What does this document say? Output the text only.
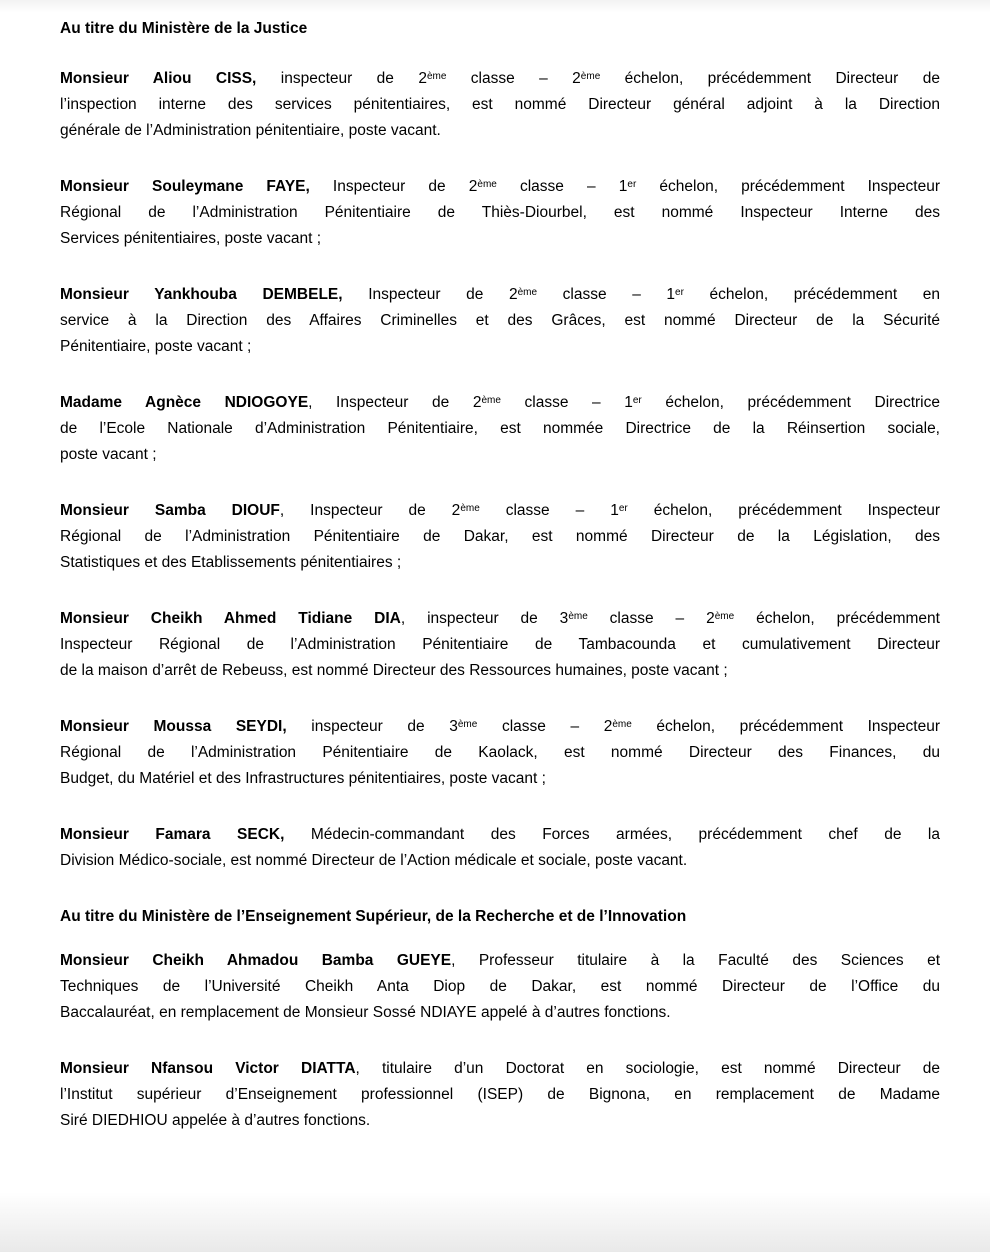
Au titre du Ministère de la Justice

Monsieur Aliou CISS, inspecteur de 2ème classe – 2ème échelon, précédemment Directeur de
l’inspection interne des services pénitentiaires, est nommé Directeur général adjoint à la Direction
générale de l’Administration pénitentiaire, poste vacant.

Monsieur Souleymane FAYE, Inspecteur de 2ème classe – 1er échelon, précédemment Inspecteur
Régional de l’Administration Pénitentiaire de Thiès-Diourbel, est nommé Inspecteur Interne des
Services pénitentiaires, poste vacant ;

Monsieur Yankhouba DEMBELE, Inspecteur de 2ème classe – 1er échelon, précédemment en
service à la Direction des Affaires Criminelles et des Grâces, est nommé Directeur de la Sécurité
Pénitentiaire, poste vacant ;

Madame Agnèce NDIOGOYE, Inspecteur de 2ème classe – 1er échelon, précédemment Directrice
de l’Ecole Nationale d’Administration Pénitentiaire, est nommée Directrice de la Réinsertion sociale,
poste vacant ;

Monsieur Samba DIOUF, Inspecteur de 2ème classe – 1er échelon, précédemment Inspecteur
Régional de l’Administration Pénitentiaire de Dakar, est nommé Directeur de la Législation, des
Statistiques et des Etablissements pénitentiaires ;

Monsieur Cheikh Ahmed Tidiane DIA, inspecteur de 3ème classe – 2ème échelon, précédemment
Inspecteur Régional de l’Administration Pénitentiaire de Tambacounda et cumulativement Directeur
de la maison d’arrêt de Rebeuss, est nommé Directeur des Ressources humaines, poste vacant ;

Monsieur Moussa SEYDI, inspecteur de 3ème classe – 2ème échelon, précédemment Inspecteur
Régional de l’Administration Pénitentiaire de Kaolack, est nommé Directeur des Finances, du
Budget, du Matériel et des Infrastructures pénitentiaires, poste vacant ;

Monsieur Famara SECK, Médecin-commandant des Forces armées, précédemment chef de la
Division Médico-sociale, est nommé Directeur de l’Action médicale et sociale, poste vacant.

Au titre du Ministère de l’Enseignement Supérieur, de la Recherche et de l’Innovation

Monsieur Cheikh Ahmadou Bamba GUEYE, Professeur titulaire à la Faculté des Sciences et
Techniques de l’Université Cheikh Anta Diop de Dakar, est nommé Directeur de l’Office du
Baccalauréat, en remplacement de Monsieur Sossé NDIAYE appelé à d’autres fonctions.

Monsieur Nfansou Victor DIATTA, titulaire d’un Doctorat en sociologie, est nommé Directeur de
l’Institut supérieur d’Enseignement professionnel (ISEP) de Bignona, en remplacement de Madame
Siré DIEDHIOU appelée à d’autres fonctions.
